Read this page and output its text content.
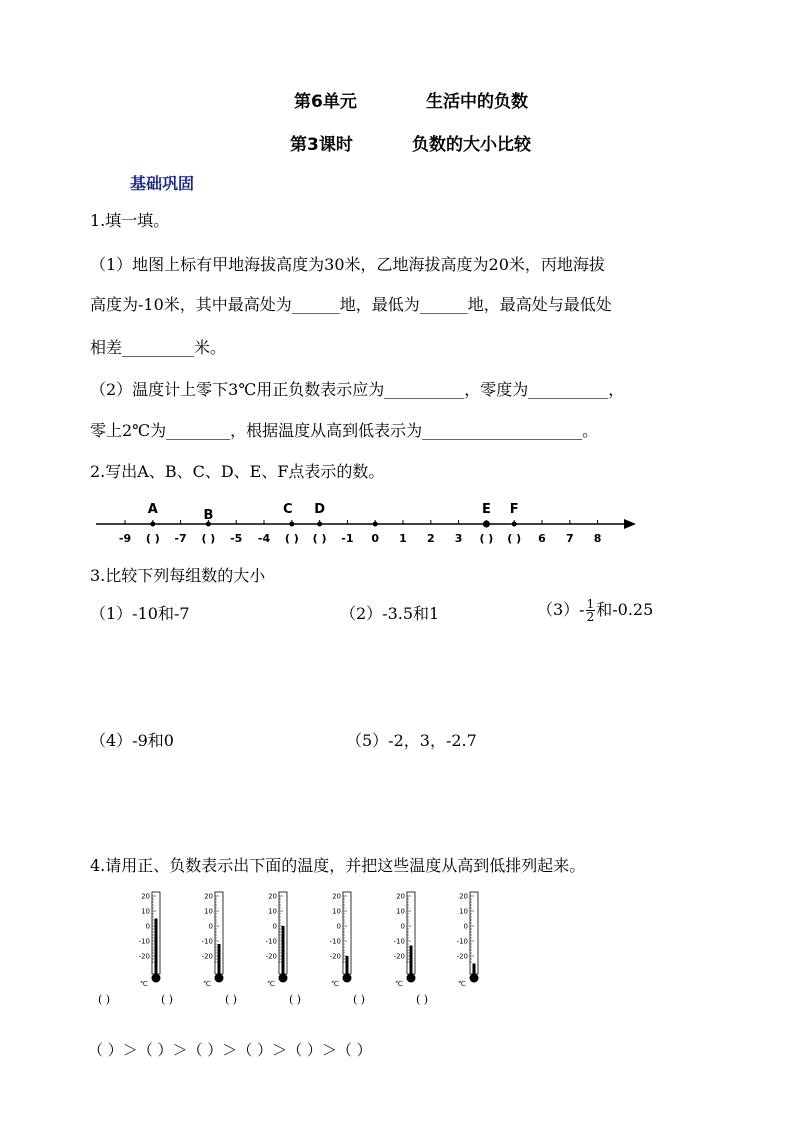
第6单元	生活中的负数
第3课时	负数的大小比较
基础巩固
1.填一填。
（1）地图上标有甲地海拔高度为30米，乙地海拔高度为20米，丙地海拔
高度为-10米，其中最高处为______地，最低为______地，最高处与最低处
相差_________米。
（2）温度计上零下3℃用正负数表示应为__________，零度为__________，
零上2℃为________，根据温度从高到低表示为____________________。
2.写出A、B、C、D、E、F点表示的数。
-9 ( ) -7 ( ) -5 -4 ( ) ( ) -1 0 1 2 3 ( ) ( ) 6 7 8
A	B	C D	E F
3.比较下列每组数的大小
（1）-10和-7	（2）-3.5和1	$(3)- \frac{1}{2}$ 和-0.25
（4）-9和0	（5）-2，3，-2.7
4.请用正、负数表示出下面的温度，并把这些温度从高到低排列起来。
20
10
0
-10
-20
℃
( )
20
10
0
-10
-20
℃
( )
20
10
0
-10
-20
℃
( )
20
10
0
-10
-20
℃
( )
20
10
0
-10
-20
℃
( )
20
10
0
-10
-20
℃
( )
（ ）＞（ ）＞（ ）＞（ ）＞（ ）＞（ ）
